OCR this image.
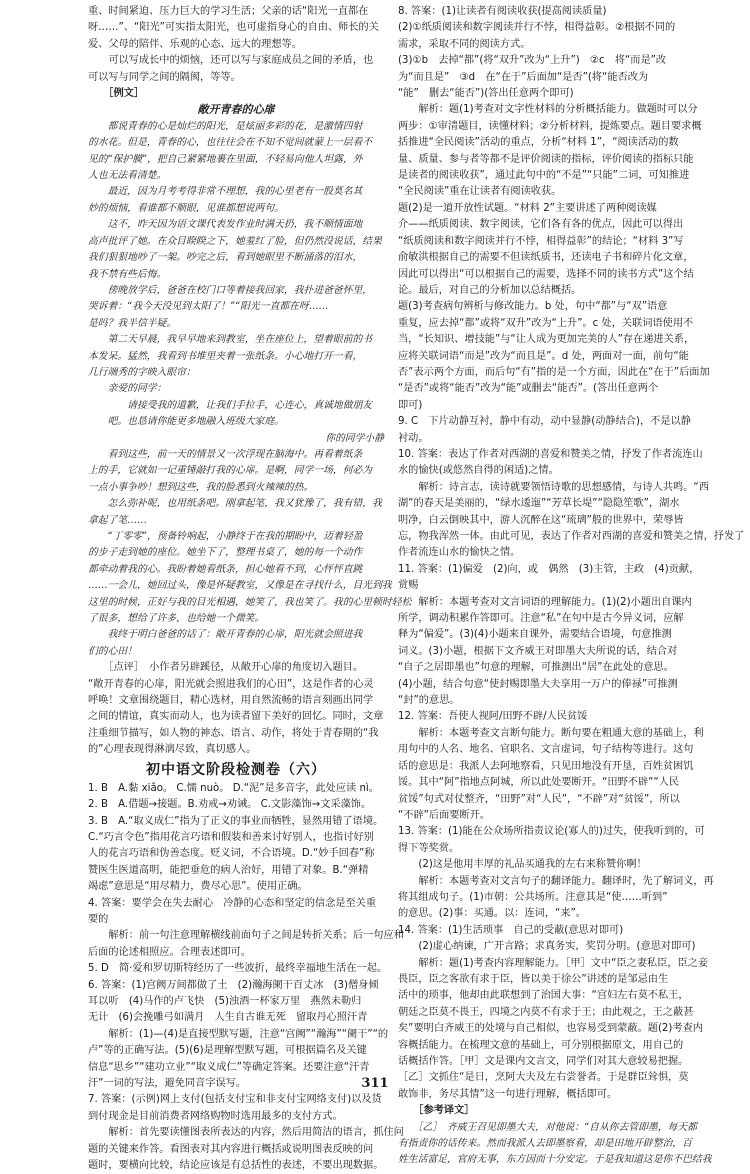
重、时间紧迫、压力巨大的学习生活；父亲的话“阳光一直都在
呀……”、“阳光”可实指太阳光，也可虚指身心的自由、师长的关
爱、父母的陪伴、乐观的心态、远大的理想等。
　　可以写成长中的烦恼，还可以写与家庭成员之间的矛盾，也
可以写与同学之间的隔阂，等等。
　　［例文］
敞开青春的心扉
　　都说青春的心是灿烂的阳光，是炫丽多彩的花，是激情四射
的水花。但是，青春的心，也往往会在不知不觉间就蒙上一层看不
见的“保护膜”，把自己紧紧地裹在里面，不轻易向他人坦露，外
人也无法看清楚。
　　最近，因为月考考得非常不理想，我的心里老有一股莫名其
妙的烦恼，看谁都不顺眼，见谁都想说两句。
　　这不，昨天因为语文课代表发作业时满天扔，我不顺情面地
高声批评了她。在众目睽睽之下，她羞红了脸，但仍然没说话，结果
我们狠狠地吵了一架。吵完之后，看到她眼里不断涌落的泪水，
我不禁有些后悔。
　　傍晚放学后，爸爸在校门口等着接我回家，我扑进爸爸怀里，
哭诉着：“我今天没见到太阳了！”“阳光一直都在呀……
是吗？我半信半疑。
　　第二天早晨，我早早地来到教室，坐在座位上，望着眼前的书
本发呆。猛然，我看到书堆里夹着一张纸条。小心地打开一看，
几行端秀的字映入眼帘：
　　亲爱的同学：
　　　　请接受我的道歉，让我们手拉手，心连心，真诚地做朋友
　　吧。也恳请你能更多地融入班级大家庭。
你的同学小静
　　看到这些，前一天的情景又一次浮现在脑海中。再看着纸条
上的手，它就如一记重锤敲打我的心扉。是啊，同学一场，何必为
一点小事争吵！想到这些，我的脸悉到火辣辣的热。
　　怎么弥补呢，也用纸条吧。刚拿起笔，我又犹豫了，我有错，我
拿起了笔……
　　“丁零零”，预备铃响起，小静终于在我的期盼中，迈着轻盈
的步子走到她的座位。她坐下了，整理书桌了，她的每一个动作
都牵动着我的心。我盼着她看纸条，担心她看不到，心怦怦直跳
……一会儿，她回过头，像是怀疑教室，又像是在寻找什么，目光到我
这里的时候，正好与我的目光相遇，她笑了，我也笑了。我的心里顿时轻松
了很多，想给了许多，也给她一个微笑。
　　我终于明白爸爸的话了：敞开青春的心扉，阳光就会照进我
们的心田！
　　［点评］　小作者另辟蹊径，从敞开心扉的角度切入题目。
“敞开青春的心扉，阳光就会照进我们的心田”，这是作者的心灵
呼唤！文章围绕题目，精心选材，用自然流畅的语言刻画出同学
之间的情谊，真实而动人，也为读者留下美好的回忆。同时，文章
注重细节描写，如人物的神态、语言、动作，将处于青春期的“我
的”心理表现得淋漓尽致，真切感人。
初中语文阶段检测卷（六）
1. B　A.黏 xiǎo。 C.懦 nuò。 D.“泥”是多音字，此处应读 nì。
2. B　A.借题→接题。B.劝戒→劝诫。 C.文影藻饰→文采藻饰。
3. B　A.“取义成仁”指为了正义的事业而牺牲，显然用错了语境。
C.“巧言令色”指用花言巧语和假装和善来讨好别人，也指讨好别
人的花言巧语和伪善态度。贬义词，不合语境。D.“妙手回春”称
赞医生医道高明，能把垂危的病人治好，用错了对象。B.“弹精
竭虑”意思是“用尽精力，费尽心思”。使用正确。
4. 答案：要学会在失去耐心　冷静的心态和坚定的信念是至关重
要的
　　解析：前一句注意理解横线前面句子之间是转折关系；后一句应和
后面的论述相照应。合理表述即可。
5. D　简·爱和罗切斯特经历了一些波折，最终幸福地生活在一起。
6. 答案：(1)宫阙万间都做了土　(2)瀚海阑干百丈冰　(3)僧身倾
耳以听　(4)马作的卢飞快　(5)浊酒一杯家万里　燕然未勒归
无计　(6)会挽雕弓如满月　人生自古谁无死　留取丹心照汗青
　　解析：(1)—(4)是直接型默写题，注意“宫阙”“瀚海”“阑干”“的
卢”等的正确写法。(5)(6)是理解型默写题，可根据篇名及关键
信息“思乡”“建功立业”“取义成仁”等确定答案。还要注意“汗青
汗”一词的写法，避免同音字误写。
7. 答案：(示例)网上支付(包括支付宝和非支付宝网络支付)以及货
到付现金是目前消费者网络购物时选用最多的支付方式。
　　解析：首先要读懂图表所表达的内容，然后用简洁的语言，抓住问
题的关键来作答。看图表对其内容进行概括或说明图表反映的问
题时，要横向比较，结论应该是有总括性的表述，不要出现数据。
8. 答案：(1)让读者有阅读收获(提高阅读质量)
(2)①纸质阅读和数字阅读并行不悖，相得益彰。②根据不同的
需求，采取不同的阅读方式。
(3)①b　去掉“都”(将“双升”改为“上升”)　②c　将“而是”改
为“而且是”　③d　在“在于”后面加“是否”(将“能否改为
“能”　删去“能否”)(答出任意两个即可)
　　解析：题(1)考查对文字性材料的分析概括能力。做题时可以分
两步：①审清题目，读懂材料；②分析材料，提炼要点。题目要求概
括推进“全民阅读”活动的重点，分析“材料 1”，“阅读活动的数
量、质量、参与者等都不是评价阅读的指标，评价阅读的指标只能
是读者的阅读收获”，通过此句中的“不是”“只能”二词，可知推进
“全民阅读”重在让读者有阅读收获。
题(2)是一道开放性试题。“材料 2”主要讲述了两种阅读媒
介——纸质阅读、数字阅读，它们各有各的优点，因此可以得出
“纸质阅读和数字阅读并行不悖，相得益彰”的结论；“材料 3”写
俞敏洪根据自己的需要不但读纸质书，还读电子书和碎片化文章，
因此可以得出“可以根据自己的需要，选择不同的读书方式”这个结
论。最后，对自己的分析加以总结概括。
题(3)考查病句辨析与修改能力。b 处，句中“都”与“双”语意
重复，应去掉“都”或将“双升”改为“上升”。c 处，关联词语使用不
当，“长知识、增技能”与“让人成为更加完美的人”存在递进关系，
应将关联词语“而是”改为“而且是”。d 处，两面对一面，前句“能
否”表示两个方面，而后句“有”指的是一个方面，因此在“在于”后面加
“是否”或将“能否”改为“能”或删去“能否”。(答出任意两个
即可)
9. C　下片动静互衬，静中有动，动中显静(动静结合)，不是以静
衬动。
10. 答案：表达了作者对西湖的喜爱和赞美之情，抒发了作者流连山
水的愉快(或悠然自得的闲适)之情。
　　解析：诗言志，读诗就要领悟诗歌的思想感情，与诗人共鸣。“西
湖”的春天是美丽的，“绿水逶迤”“芳草长堤”“隐隐笙歌”，湖水
明净，白云倒映其中，游人沉醉在这“琉璃”般的世界中，荣辱皆
忘，物我浑然一体。由此可见，表达了作者对西湖的喜爱和赞美之情，抒发了
作者流连山水的愉快之情。
11. 答案：(1)偏爱　(2)向，或　偶然　(3)主管，主政　(4)贡献，
赏赐
　　解析：本题考查对文言词语的理解能力。(1)(2)小题出自课内
所学，调动积累作答即可。注意“私”在句中是古今异义词，应解
释为“偏爱”。(3)(4)小题来自课外，需要结合语境，句意推测
词义。(3)小题，根据下文齐威王对即墨大夫所说的话，结合对
“自子之居即墨也”句意的理解，可推测出“居”在此处的意思。
(4)小题，结合句意“使封赐即墨大夫享用一万户的俸禄”可推测
“封”的意思。
12. 答案：吾使人视阿/田野不辟/人民贫馁
　　解析：本题考查文言断句能力。断句要在粗通大意的基础上，利
用句中的人名、地名、官职名、文言虚词，句子结构等进行。这句
话的意思是：我派人去阿地察看，只见田地没有开垦，百姓贫困饥
馁。其中“阿”指地点阿城，所以此处要断开。“田野不辟”“人民
贫馁”句式对仗整齐，“田野”对“人民”，“不辟”对“贫馁”，所以
“不辟”后面要断开。
13. 答案：(1)能在公众场所指责议论(寡人的)过失，使我听到的，可
得下等奖赏。
　　(2)这是他用丰厚的礼品买通我的左右来称赞你啊！
　　解析：本题考查对文言句子的翻译能力。翻译时，先了解词义，再
将其组成句子。(1)市朝：公共场所。注意其是“使……听到”
的意思。(2)事：买通。以：连词，“来”。
14. 答案：(1)生活琐事　自己的受蔽(意思对即可)
　　(2)虚心纳谏，广开言路；求真务实，奖罚分明。(意思对即可)
　　解析：题(1)考查内容理解能力。［甲］文中“臣之妻私臣，臣之妾
畏臣，臣之客欲有求于臣，皆以美于徐公”讲述的是邹忌由生
活中的琐事，他却由此联想到了治国大事：“宫妇左右莫不私王，
朝廷之臣莫不畏王，四境之内莫不有求于王；由此观之，王之蔽甚
矣”要明白齐威王的处境与自己相似，也容易受到蒙蔽。题(2)考查内
容概括能力。在梳理文意的基础上，可分别根据原文，用自己的
话概括作答。［甲］文是课内文言文，同学们对其大意较易把握。
［乙］文抓住“是日，烹阿大夫及左右尝誉者。于是群臣耸惧，莫
敢饰非，务尽其情”这一句进行理解，概括即可。
　　［参考译文］
　　［乙］　齐威王召见即墨大夫，对他说：“自从你去管即墨，每天都
有指责你的话传来。然而我派人去即墨察看，却是田地开辟整治，百
姓生活富足，官府无事，东方因而十分安定。于是我知道这是你不巴结我
311
